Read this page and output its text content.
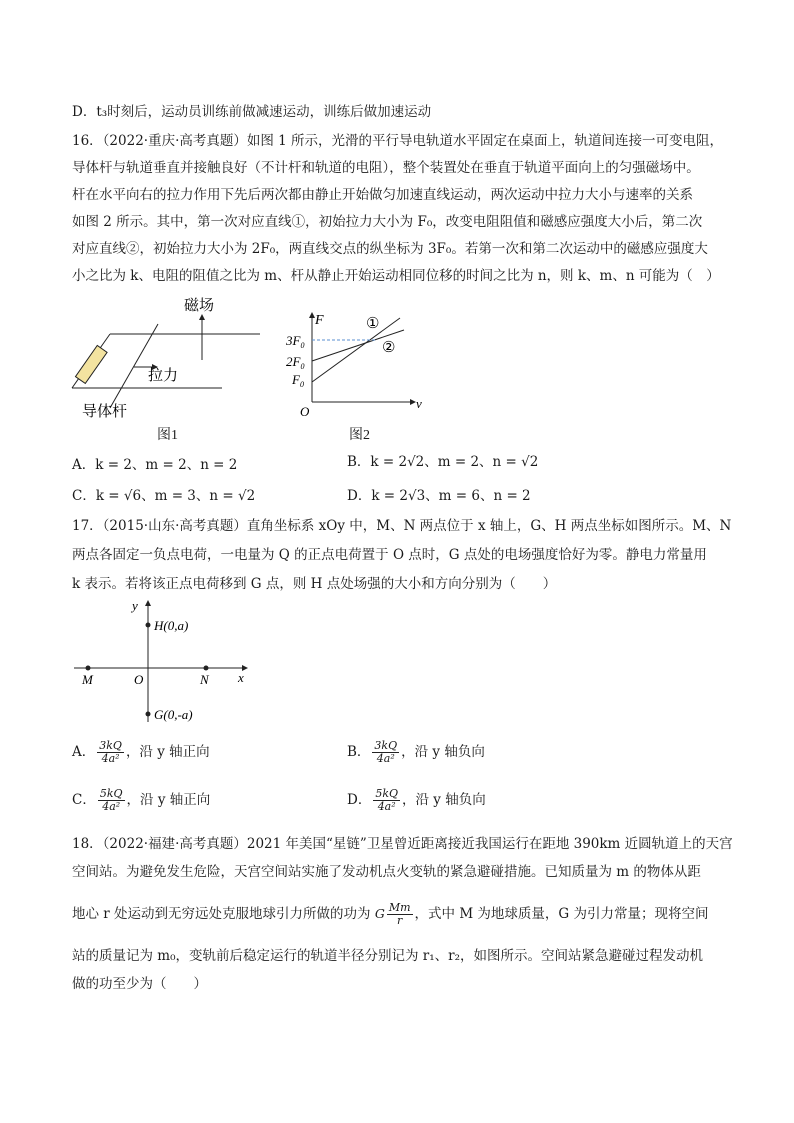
D．t₃时刻后，运动员训练前做减速运动，训练后做加速运动
16．（2022·重庆·高考真题）如图 1 所示，光滑的平行导电轨道水平固定在桌面上，轨道间连接一可变电阻，
导体杆与轨道垂直并接触良好（不计杆和轨道的电阻），整个装置处在垂直于轨道平面向上的匀强磁场中。
杆在水平向右的拉力作用下先后两次都由静止开始做匀加速直线运动，两次运动中拉力大小与速率的关系
如图 2 所示。其中，第一次对应直线①，初始拉力大小为 F₀，改变电阻阻值和磁感应强度大小后，第二次
对应直线②，初始拉力大小为 2F₀，两直线交点的纵坐标为 3F₀。若第一次和第二次运动中的磁感应强度大
小之比为 k、电阻的阻值之比为 m、杆从静止开始运动相同位移的时间之比为 n，则 k、m、n 可能为（　）
磁场
拉力
导体杆
图1
F
v
O
$3F_0$
$2F_0$
$F_0$
①
②
图2
A．k = 2、m = 2、n = 2	B．k = 2√2、m = 2、n = √2
C．k = √6、m = 3、n = √2	D．k = 2√3、m = 6、n = 2
17．（2015·山东·高考真题）直角坐标系 xOy 中，M、N 两点位于 x 轴上，G、H 两点坐标如图所示。M、N
两点各固定一负点电荷，一电量为 Q 的正点电荷置于 O 点时，G 点处的电场强度恰好为零。静电力常量用
k 表示。若将该正点电荷移到 G 点，则 H 点处场强的大小和方向分别为（　　）
y
x
H(0,a)
G(0,-a)
M	O	N
A． $\frac{3kQ}{\text{4a²}}$ ，沿 y 轴正向	B． $\frac{3kQ}{\text{4a²}}$ ，沿 y 轴负向
C． $\frac{5kQ}{\text{4a²}}$ ，沿 y 轴正向	D． $\frac{5kQ}{\text{4a²}}$ ，沿 y 轴负向
18．（2022·福建·高考真题）2021 年美国“星链”卫星曾近距离接近我国运行在距地 390km 近圆轨道上的天宫
空间站。为避免发生危险，天宫空间站实施了发动机点火变轨的紧急避碰措施。已知质量为 m 的物体从距
地心 r 处运动到无穷远处克服地球引力所做的功为 G $\frac{Mm}{r}$ ，式中 M 为地球质量，G 为引力常量；现将空间
站的质量记为 m₀，变轨前后稳定运行的轨道半径分别记为 r₁、r₂，如图所示。空间站紧急避碰过程发动机
做的功至少为（　　）
